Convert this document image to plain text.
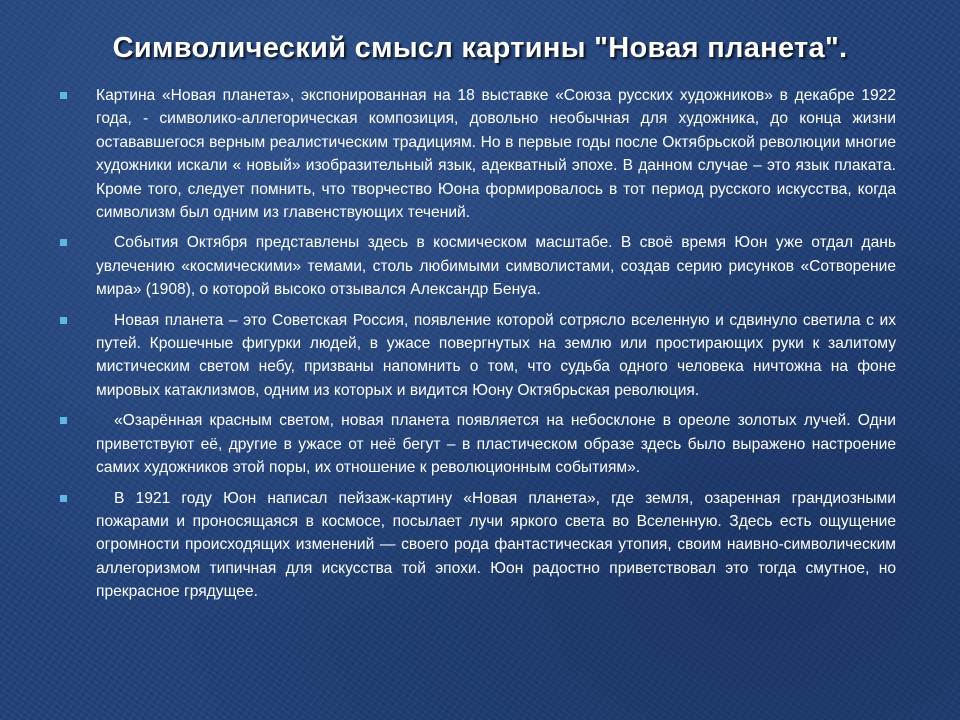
Символический смысл картины "Новая планета".
Картина «Новая планета», экспонированная на 18 выставке «Союза русских художников» в декабре 1922 года, - символико-аллегорическая композиция, довольно необычная для художника, до конца жизни остававшегося верным реалистическим традициям. Но в первые годы после Октябрьской революции многие художники искали « новый» изобразительный язык, адекватный эпохе. В данном случае – это язык плаката. Кроме того, следует помнить, что творчество Юона формировалось в тот период русского искусства, когда символизм был одним из главенствующих течений.
События Октября представлены здесь в космическом масштабе. В своё время Юон уже отдал дань увлечению «космическими» темами, столь любимыми символистами, создав серию рисунков «Сотворение мира» (1908), о которой высоко отзывался Александр Бенуа.
Новая планета – это Советская Россия, появление которой сотрясло вселенную и сдвинуло светила с их путей. Крошечные фигурки людей, в ужасе повергнутых на землю или простирающих руки к залитому мистическим светом небу, призваны напомнить о том, что судьба одного человека ничтожна на фоне мировых катаклизмов, одним из которых и видится Юону Октябрьская революция.
«Озарённая красным светом, новая планета появляется на небосклоне в ореоле золотых лучей. Одни приветствуют её, другие в ужасе от неё бегут – в пластическом образе здесь было выражено настроение самих художников этой поры, их отношение к революционным событиям».
В 1921 году Юон написал пейзаж-картину «Новая планета», где земля, озаренная грандиозными пожарами и проносящаяся в космосе, посылает лучи яркого света во Вселенную. Здесь есть ощущение огромности происходящих изменений — своего рода фантастическая утопия, своим наивно-символическим аллегоризмом типичная для искусства той эпохи. Юон радостно приветствовал это тогда смутное, но прекрасное грядущее.
